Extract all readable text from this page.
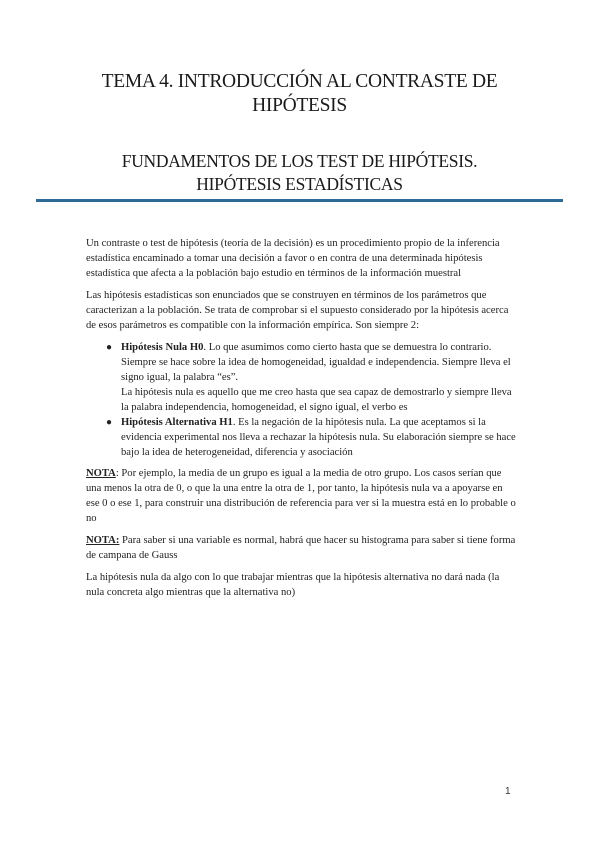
TEMA 4. INTRODUCCIÓN AL CONTRASTE DE
HIPÓTESIS
FUNDAMENTOS DE LOS TEST DE HIPÓTESIS.
HIPÓTESIS ESTADÍSTICAS

Un contraste o test de hipótesis (teoría de la decisión) es un procedimiento propio de la inferencia estadística encaminado a tomar una decisión a favor o en contra de una determinada hipótesis estadística que afecta a la población bajo estudio en términos de la información muestral

Las hipótesis estadísticas son enunciados que se construyen en términos de los parámetros que caracterizan a la población. Se trata de comprobar si el supuesto considerado por la hipótesis acerca de esos parámetros es compatible con la información empírica. Son siempre 2:

● Hipótesis Nula H0. Lo que asumimos como cierto hasta que se demuestra lo contrario. Siempre se hace sobre la idea de homogeneidad, igualdad e independencia. Siempre lleva el signo igual, la palabra “es”.
La hipótesis nula es aquello que me creo hasta que sea capaz de demostrarlo y siempre lleva la palabra independencia, homogeneidad, el signo igual, el verbo es
● Hipótesis Alternativa H1. Es la negación de la hipótesis nula. La que aceptamos si la evidencia experimental nos lleva a rechazar la hipótesis nula. Su elaboración siempre se hace bajo la idea de heterogeneidad, diferencia y asociación

NOTA: Por ejemplo, la media de un grupo es igual a la media de otro grupo. Los casos serían que una menos la otra de 0, o que la una entre la otra de 1, por tanto, la hipótesis nula va a apoyarse en ese 0 o ese 1, para construir una distribución de referencia para ver si la muestra está en lo probable o no

NOTA: Para saber si una variable es normal, habrá que hacer su histograma para saber si tiene forma de campana de Gauss

La hipótesis nula da algo con lo que trabajar mientras que la hipótesis alternativa no dará nada (la nula concreta algo mientras que la alternativa no)

1
